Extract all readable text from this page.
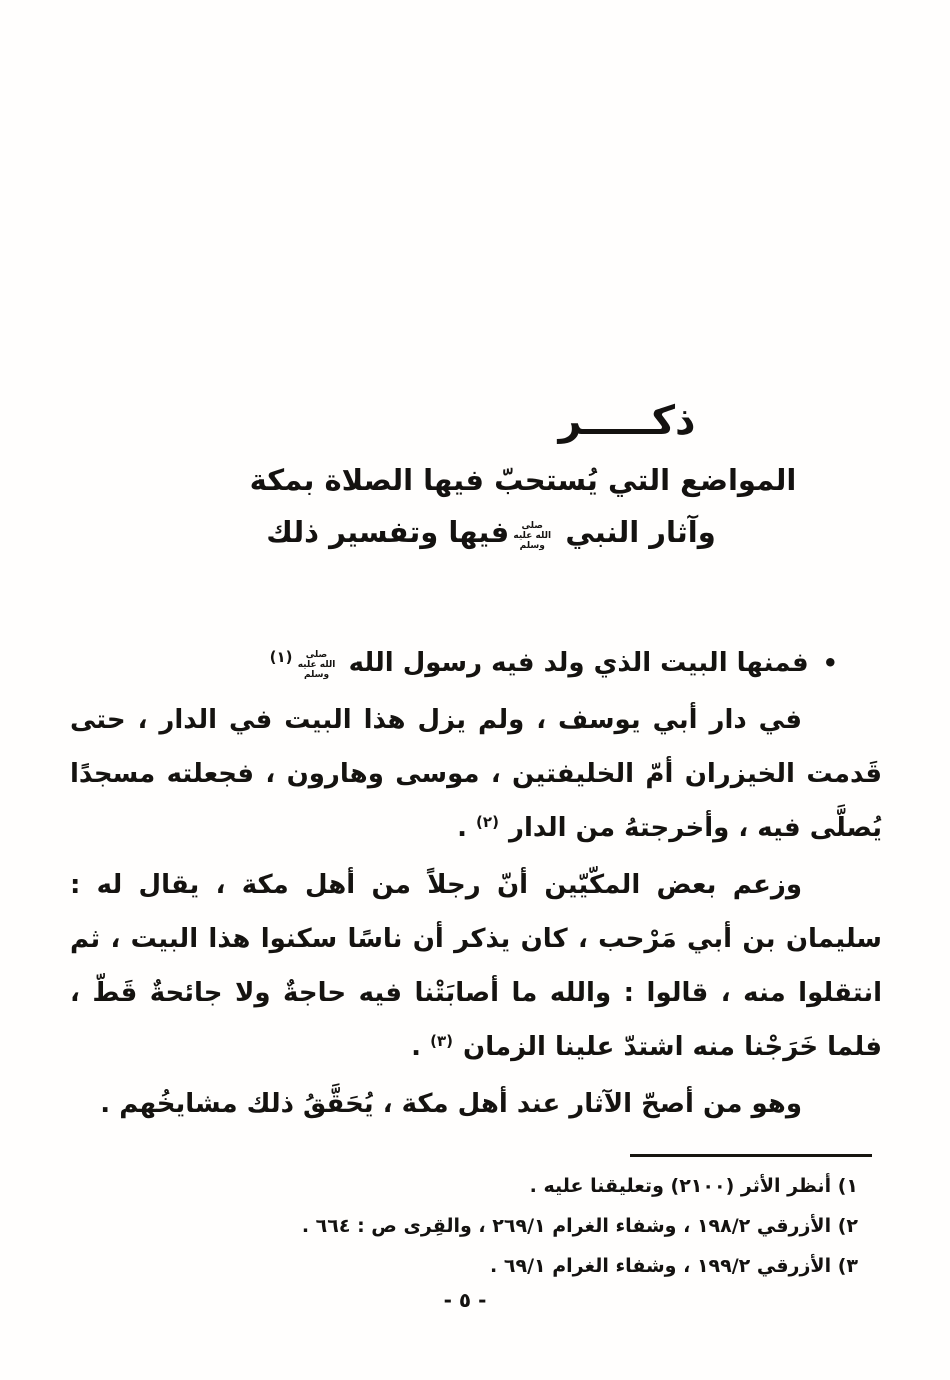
ذكـــــر
المواضع التي يُستحبّ فيها الصلاة بمكة
وآثار النبي صلى الله عليه وسلمفيها وتفسير ذلك
•فمنها البيت الذي ولد فيه رسول الله صلى الله عليه وسلم$^{(١)}$

في دار أبي يوسف ، ولم يزل هذا البيت في الدار ، حتى قَدمت الخيزران أمّ الخليفتين ، موسى وهارون ، فجعلته مسجدًا يُصلَّى فيه ، وأخرجتهُ من الدار $^{(٢)}$ .

وزعم بعض المكّيّين أنّ رجلاً من أهل مكة ، يقال له : سليمان بن أبي مَرْحب ، كان يذكر أن ناسًا سكنوا هذا البيت ، ثم انتقلوا منه ، قالوا : والله ما أصابَتْنا فيه حاجةٌ ولا جائحةٌ قَطّ ، فلما خَرَجْنا منه اشتدّ علينا الزمان $^{(٣)}$ .

وهو من أصحّ الآثار عند أهل مكة ، يُحَقَّقُ ذلك مشايخُهم .

١) أنظر الأثر (٢١٠٠) وتعليقنا عليه .
٢) الأزرقي ١٩٨/٢ ، وشفاء الغرام ٢٦٩/١ ، والقِرى ص : ٦٦٤ .
٣) الأزرقي ١٩٩/٢ ، وشفاء الغرام ٦٩/١ .
- ٥ -
